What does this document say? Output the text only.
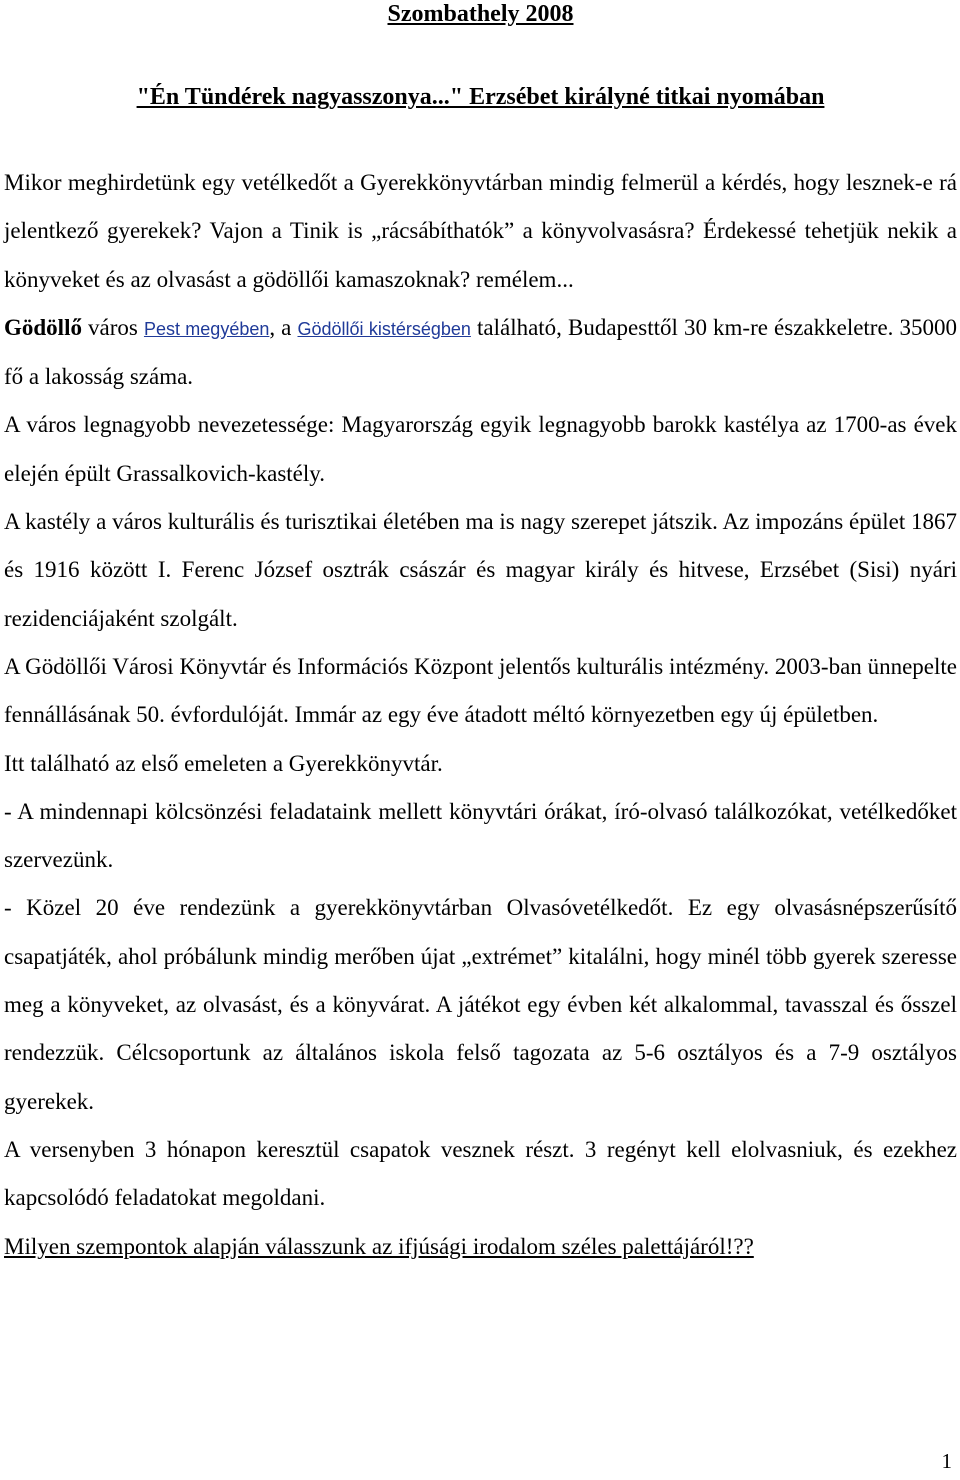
Szombathely 2008
"Én Tündérek nagyasszonya..." Erzsébet királyné titkai nyomában

Mikor meghirdetünk egy vetélkedőt a Gyerekkönyvtárban mindig felmerül a kérdés, hogy lesznek-e rá jelentkező gyerekek? Vajon a Tinik is „rácsábíthatók” a könyvolvasásra? Érdekessé tehetjük nekik a könyveket és az olvasást a gödöllői kamaszoknak? remélem...

Gödöllő város Pest megyében, a Gödöllői kistérségben található, Budapesttől 30 km-re északkeletre. 35000 fő a lakosság száma.

A város legnagyobb nevezetessége: Magyarország egyik legnagyobb barokk kastélya az 1700-as évek elején épült Grassalkovich-kastély.

A kastély a város kulturális és turisztikai életében ma is nagy szerepet játszik. Az impozáns épület 1867 és 1916 között I. Ferenc József osztrák császár és magyar király és hitvese, Erzsébet (Sisi) nyári rezidenciájaként szolgált.

A Gödöllői Városi Könyvtár és Információs Központ jelentős kulturális intézmény. 2003-ban ünnepelte fennállásának 50. évfordulóját. Immár az egy éve átadott méltó környezetben egy új épületben.

Itt található az első emeleten a Gyerekkönyvtár.

- A mindennapi kölcsönzési feladataink mellett könyvtári órákat, író-olvasó találkozókat, vetélkedőket szervezünk.

- Közel 20 éve rendezünk a gyerekkönyvtárban Olvasóvetélkedőt. Ez egy olvasásnépszerűsítő csapatjáték, ahol próbálunk mindig merőben újat „extrémet” kitalálni, hogy minél több gyerek szeresse meg a könyveket, az olvasást, és a könyvárat. A játékot egy évben két alkalommal, tavasszal és ősszel rendezzük. Célcsoportunk az általános iskola felső tagozata az 5-6 osztályos és a 7-9 osztályos gyerekek.

A versenyben 3 hónapon keresztül csapatok vesznek részt. 3 regényt kell elolvasniuk, és ezekhez kapcsolódó feladatokat megoldani.

Milyen szempontok alapján válasszunk az ifjúsági irodalom széles palettájáról!??

1
